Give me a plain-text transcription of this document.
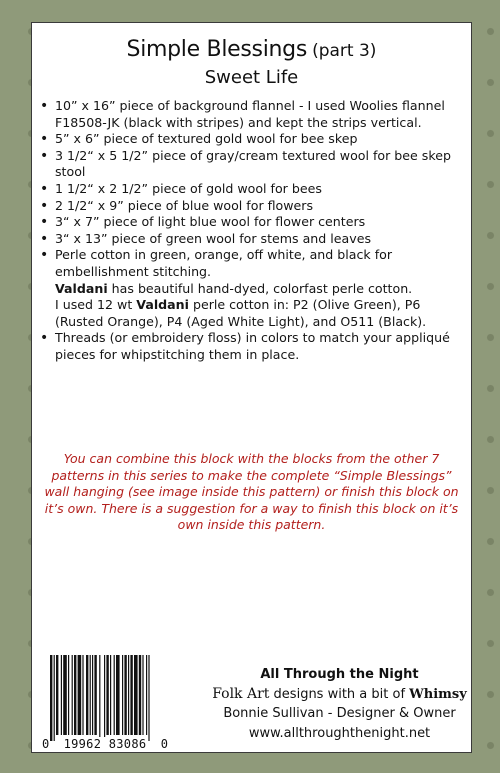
Simple Blessings (part 3)
Sweet Life
• 10” x 16” piece of background flannel - I used Woolies flannel F18508-JK (black with stripes) and kept the strips vertical.
• 5” x 6” piece of textured gold wool for bee skep
• 3 1/2“ x 5 1/2” piece of gray/cream textured wool for bee skep stool
• 1 1/2“ x 2 1/2” piece of gold wool for bees
• 2 1/2“ x 9” piece of blue wool for flowers
• 3“ x 7” piece of light blue wool for flower centers
• 3“ x 13” piece of green wool for stems and leaves
• Perle cotton in green, orange, off white, and black for embellishment stitching.

Valdani has beautiful hand-dyed, colorfast perle cotton.
I used 12 wt Valdani perle cotton in: P2 (Olive Green), P6 (Rusted Orange), P4 (Aged White Light), and O511 (Black).

• Threads (or embroidery floss) in colors to match your appliqué pieces for whipstitching them in place.
You can combine this block with the blocks from the other 7 patterns in this series to make the complete “Simple Blessings” wall hanging (see image inside this pattern) or finish this block on it’s own. There is a suggestion for a way to finish this block on it’s own inside this pattern.
0 19962 83086 0
All Through the Night
Folk Art designs with a bit of Whimsy
Bonnie Sullivan - Designer & Owner
www.allthroughthenight.net
